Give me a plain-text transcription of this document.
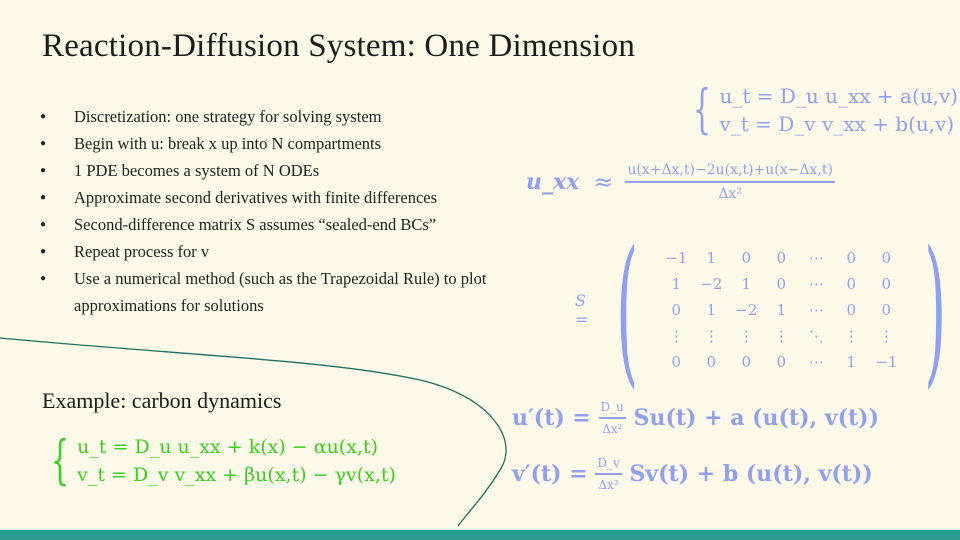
Reaction-Diffusion System: One Dimension
● Discretization: one strategy for solving system
● Begin with u: break x up into N compartments
● 1 PDE becomes a system of N ODEs
● Approximate second derivatives with finite differences
● Second-difference matrix S assumes “sealed-end BCs”
● Repeat process for v
● Use a numerical method (such as the Trapezoidal Rule) to plot approximations for solutions
Example: carbon dynamics
{ u_t = D_u u_xx + k(x) − αu(x,t)
v_t = D_v v_xx + βu(x,t) − γv(x,t)
{ u_t = D_u u_xx + a(u,v)
v_t = D_v v_xx + b(u,v)
u_xx ≈ $\frac{u(x+\Delta x,t)-2u(x,t)+u(x-\Delta x,t)}{\text{Δx²}}$
S = (	−1	1	0	0	⋯	0	0
1	−2	1	0	⋯	0	0
0	1	−2	1	⋯	0	0
⋮	⋮	⋮	⋮	⋱	⋮	⋮
0	0	0	0	⋯	1	−1 )
u′(t) =
$\frac{D\_u}{\text{Δx²}}$
Su(t) + a (u(t), v(t))
v′(t) =
$\frac{D\_v}{\text{Δx²}}$
Sv(t) + b (u(t), v(t))
